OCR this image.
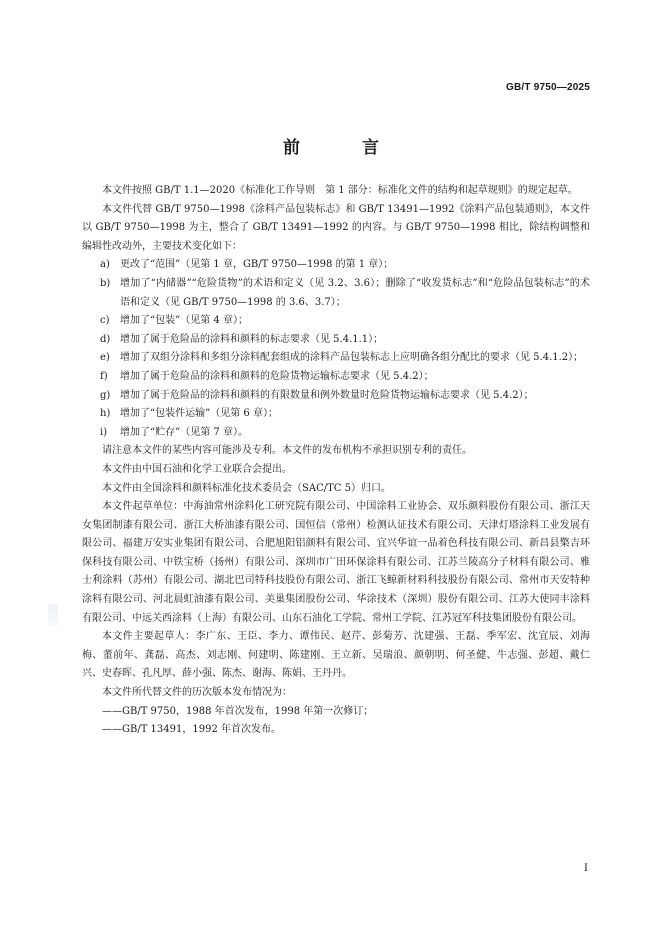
GB/T 9750—2025
前 言

本文件按照 GB/T 1.1—2020《标准化工作导则　第 1 部分：标准化文件的结构和起草规则》的规定起草。

本文件代替 GB/T 9750—1998《涂料产品包装标志》和 GB/T 13491—1992《涂料产品包装通则》，本文件以 GB/T 9750—1998 为主，整合了 GB/T 13491—1992 的内容。与 GB/T 9750—1998 相比，除结构调整和编辑性改动外，主要技术变化如下：

a)	更改了“范围”（见第 1 章，GB/T 9750—1998 的第 1 章）；
b) 增加了“内储器”“危险货物”的术语和定义（见 3.2、3.6）；删除了“收发货标志”和“危险品包装标志”的术语和定义（见 GB/T 9750—1998 的 3.6、3.7）；
c)	增加了“包装”（见第 4 章）；
d) 增加了属于危险品的涂料和颜料的标志要求（见 5.4.1.1）；
e)	增加了双组分涂料和多组分涂料配套组成的涂料产品包装标志上应明确各组分配比的要求（见 5.4.1.2）；
f)	增加了属于危险品的涂料和颜料的危险货物运输标志要求（见 5.4.2）；
g) 增加了属于危险品的涂料和颜料的有限数量和例外数量时危险货物运输标志要求（见 5.4.2）；
h) 增加了“包装件运输”（见第 6 章）；
i)	增加了“贮存”（见第 7 章）。

请注意本文件的某些内容可能涉及专利。本文件的发布机构不承担识别专利的责任。

本文件由中国石油和化学工业联合会提出。

本文件由全国涂料和颜料标准化技术委员会（SAC/TC 5）归口。

本文件起草单位：中海油常州涂料化工研究院有限公司、中国涂料工业协会、双乐颜料股份有限公司、浙江天女集团制漆有限公司、浙江大桥油漆有限公司、国恒信（常州）检测认证技术有限公司、天津灯塔涂料工业发展有限公司、福建万安实业集团有限公司、合肥旭阳铝颜料有限公司、宜兴华谊一品着色科技有限公司、新昌县檠吉环保科技有限公司、中铁宝桥（扬州）有限公司、深圳市广田环保涂料有限公司、江苏兰陵高分子材料有限公司、雅士利涂料（苏州）有限公司、湖北巴司特科技股份有限公司、浙江飞鲸新材料科技股份有限公司、常州市天安特种涂料有限公司、河北晨虹油漆有限公司、美巢集团股份公司、华涂技术（深圳）股份有限公司、江苏大使同丰涂料有限公司、中远关西涂料（上海）有限公司、山东石油化工学院、常州工学院、江苏冠军科技集团股份有限公司。

本文件主要起草人：李广东、王臣、李力、谭伟民、赵芹、彭菊芳、沈建强、王磊、季军宏、沈宜辰、刘海梅、董前年、龚磊、高杰、刘志刚、何建明、陈建刚、王立新、吴瑞浪、颜朝明、何圣健、牛志强、彭超、戴仁兴、史春晖、孔凡厚、薛小强、陈杰、谢海、陈娟、王丹丹。

本文件所代替文件的历次版本发布情况为：

——GB/T 9750，1988 年首次发布，1998 年第一次修订；

——GB/T 13491，1992 年首次发布。

I
